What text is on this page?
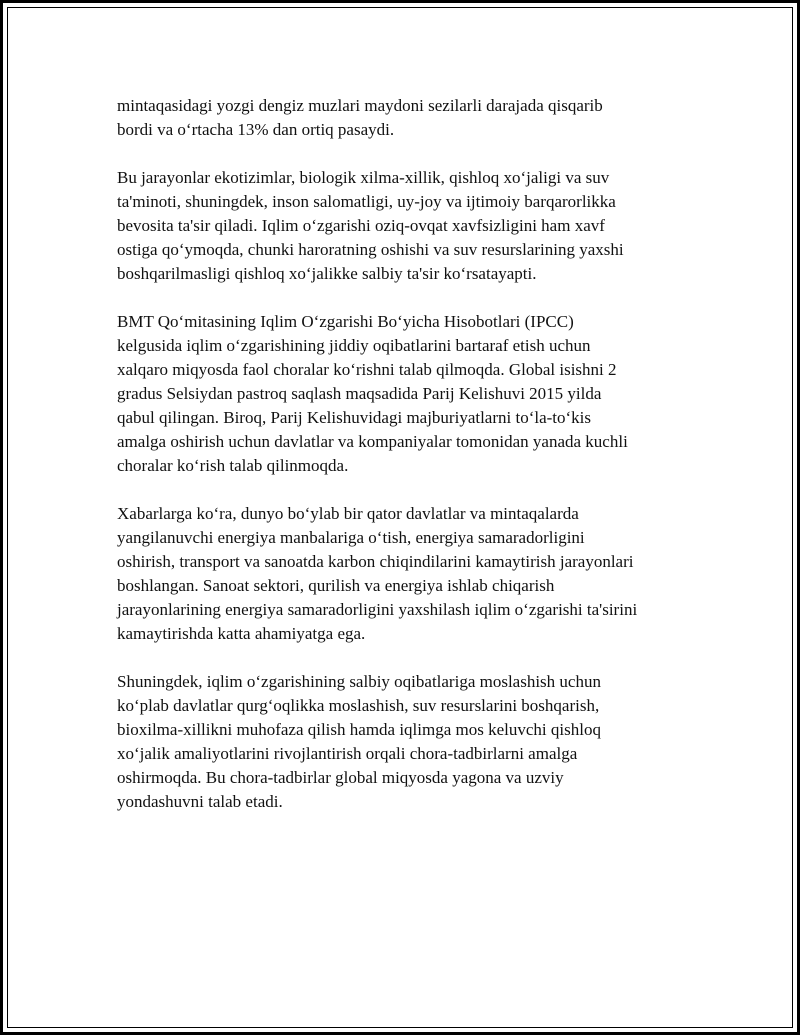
mintaqasidagi yozgi dengiz muzlari maydoni sezilarli darajada qisqarib
bordi va oʻrtacha 13% dan ortiq pasaydi.

Bu jarayonlar ekotizimlar, biologik xilma-xillik, qishloq xoʻjaligi va suv
ta'minoti, shuningdek, inson salomatligi, uy-joy va ijtimoiy barqarorlikka
bevosita ta'sir qiladi. Iqlim oʻzgarishi oziq-ovqat xavfsizligini ham xavf
ostiga qoʻymoqda, chunki haroratning oshishi va suv resurslarining yaxshi
boshqarilmasligi qishloq xoʻjalikke salbiy ta'sir koʻrsatayapti.

BMT Qoʻmitasining Iqlim Oʻzgarishi Boʻyicha Hisobotlari (IPCC)
kelgusida iqlim oʻzgarishining jiddiy oqibatlarini bartaraf etish uchun
xalqaro miqyosda faol choralar koʻrishni talab qilmoqda. Global isishni 2
gradus Selsiydan pastroq saqlash maqsadida Parij Kelishuvi 2015 yilda
qabul qilingan. Biroq, Parij Kelishuvidagi majburiyatlarni toʻla-toʻkis
amalga oshirish uchun davlatlar va kompaniyalar tomonidan yanada kuchli
choralar koʻrish talab qilinmoqda.

Xabarlarga koʻra, dunyo boʻylab bir qator davlatlar va mintaqalarda
yangilanuvchi energiya manbalariga oʻtish, energiya samaradorligini
oshirish, transport va sanoatda karbon chiqindilarini kamaytirish jarayonlari
boshlangan. Sanoat sektori, qurilish va energiya ishlab chiqarish
jarayonlarining energiya samaradorligini yaxshilash iqlim oʻzgarishi ta'sirini
kamaytirishda katta ahamiyatga ega.

Shuningdek, iqlim oʻzgarishining salbiy oqibatlariga moslashish uchun
koʻplab davlatlar qurgʻoqlikka moslashish, suv resurslarini boshqarish,
bioxilma-xillikni muhofaza qilish hamda iqlimga mos keluvchi qishloq
xoʻjalik amaliyotlarini rivojlantirish orqali chora-tadbirlarni amalga
oshirmoqda. Bu chora-tadbirlar global miqyosda yagona va uzviy
yondashuvni talab etadi.
